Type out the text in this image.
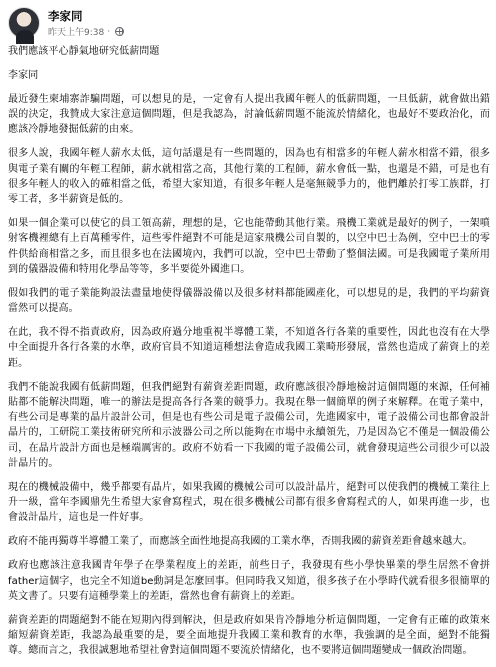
李家同
昨天上午9:38 ·

我們應該平心靜氣地研究低薪問題

李家同

最近發生柬埔寨詐騙問題，可以想見的是，一定會有人提出我國年輕人的低薪問題，一旦低薪，就會做出錯誤的決定，我贊成大家注意這個問題，但是我認為，討論低薪問題不能流於情緒化，也最好不要政治化，而應該冷靜地發掘低薪的由來。

很多人說，我國年輕人薪水太低，這句話還是有一些問題的，因為也有相當多的年輕人薪水相當不錯，很多與電子業有關的年輕工程師，薪水就相當之高，其他行業的工程師，薪水會低一點，也還是不錯，可是也有很多年輕人的收入的確相當之低，希望大家知道，有很多年輕人是毫無競爭力的，他們離於打零工族群，打零工者，多半薪資是低的。

如果一個企業可以使它的員工領高薪，理想的是，它也能帶動其他行業。飛機工業就是最好的例子，一架噴射客機裡總有上百萬種零件，這些零件絕對不可能是這家飛機公司自製的，以空中巴士為例，空中巴士的零件供給商相當之多，而且很多也在法國境內，我們可以說，空中巴士帶動了整個法國。可是我國電子業所用到的儀器設備和特用化學品等等，多半要從外國進口。

假如我們的電子業能夠設法盡量地使得儀器設備以及很多材料都能國產化，可以想見的是，我們的平均薪資當然可以提高。

在此，我不得不指責政府，因為政府過分地重視半導體工業，不知道各行各業的重要性，因此也沒有在大學中全面提升各行各業的水準，政府官員不知道這種想法會造成我國工業畸形發展，當然也造成了薪資上的差距。

我們不能說我國有低薪問題，但我們絕對有薪資差距問題，政府應該很冷靜地檢討這個問題的來源，任何補貼都不能解決問題，唯一的辦法是提高各行各業的競爭力。我現在舉一個簡單的例子來解釋。在電子業中，有些公司是專業的晶片設計公司，但是也有些公司是電子設備公司，先進國家中，電子設備公司也都會設計晶片的，工研院工業技術研究所和示波器公司之所以能夠在市場中永續領先，乃是因為它不僅是一個設備公司，在晶片設計方面也是極端厲害的。政府不妨看一下我國的電子設備公司，就會發現這些公司很少可以設計晶片的。

現在的機械設備中，幾乎都要有晶片，如果我國的機械公司可以設計晶片，絕對可以使我們的機械工業往上升一級，當年李國鼎先生希望大家會寫程式，現在很多機械公司都有很多會寫程式的人，如果再進一步，也會設計晶片，這也是一件好事。

政府不能再獨尊半導體工業了，而應該全面性地提高我國的工業水準，否則我國的薪資差距會越來越大。

政府也應該注意我國青年學子在學業程度上的差距，前些日子，我發現有些小學快畢業的學生居然不會拼father這個字，也完全不知道be動詞是怎麼回事。但同時我又知道，很多孩子在小學時代就看很多很簡單的英文書了。只要有這種學業上的差距，當然也會有薪資上的差距。

薪資差距的問題絕對不能在短期內得到解決，但是政府如果肯冷靜地分析這個問題，一定會有正確的政策來縮短薪資差距，我認為最重要的是，要全面地提升我國工業和教育的水準，我強調的是全面，絕對不能獨尊。總而言之，我很誠懇地希望社會對這個問題不要流於情緒化，也不要將這個問題變成一個政治問題。
